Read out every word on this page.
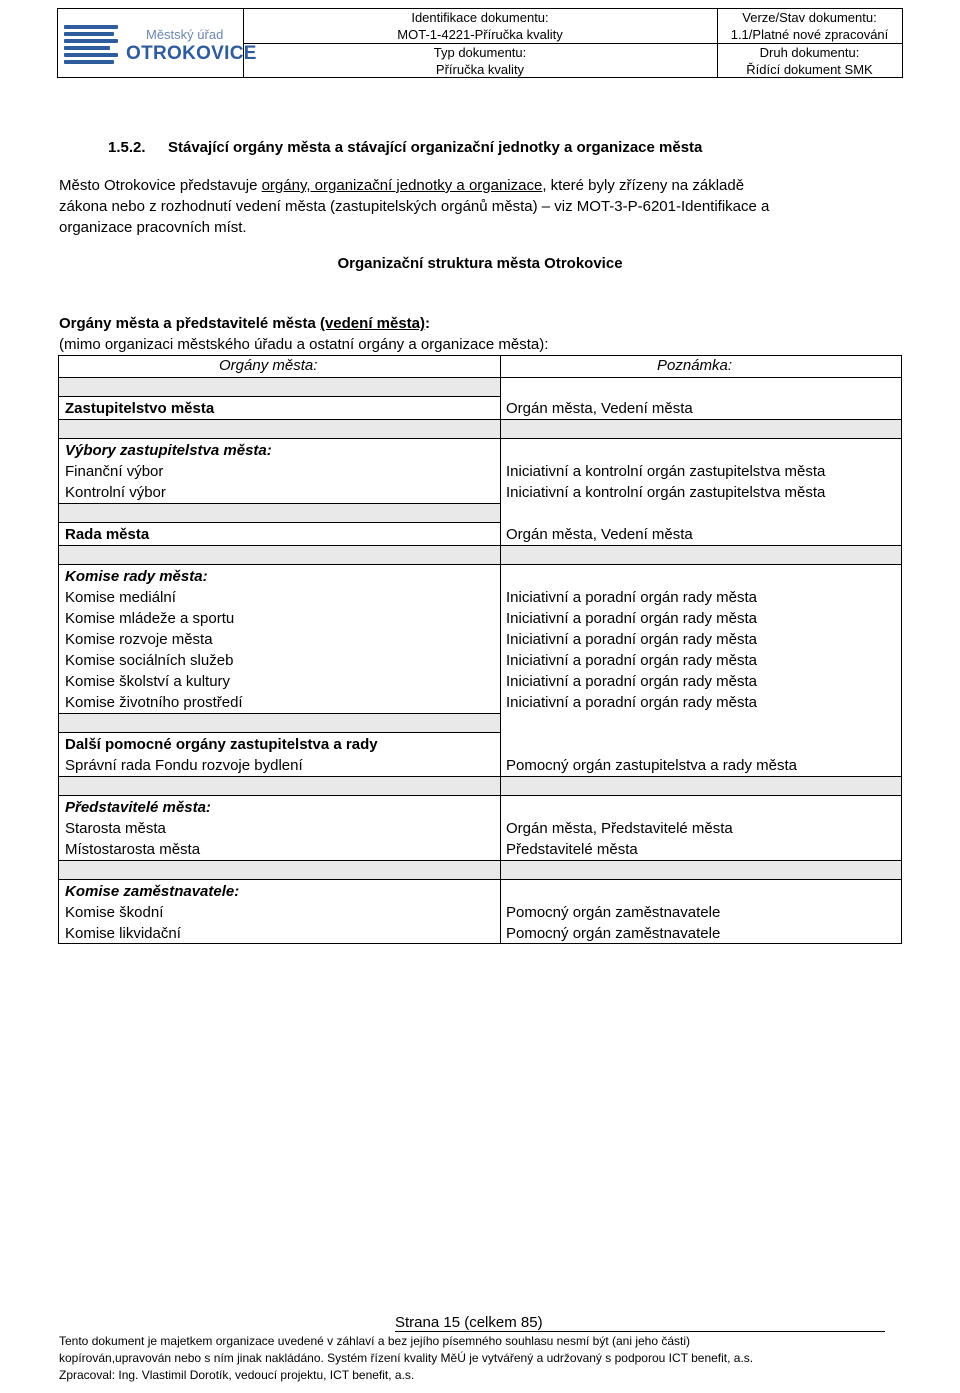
Městský úřad
OTROKOVICE
Identifikace dokumentu:
MOT-1-4221-Příručka kvality
Typ dokumentu:
Příručka kvality
Verze/Stav dokumentu:
1.1/Platné nové zpracování
Druh dokumentu:
Řídící dokument SMK
1.5.2. Stávající orgány města a stávající organizační jednotky a organizace města
Město Otrokovice představuje orgány, organizační jednotky a organizace, které byly zřízeny na základě
zákona nebo z rozhodnutí vedení města (zastupitelských orgánů města) – viz MOT-3-P-6201-Identifikace a
organizace pracovních míst.
Organizační struktura města Otrokovice
Orgány města a představitelé města (vedení města):
(mimo organizaci městského úřadu a ostatní orgány a organizace města):
Orgány města:	Poznámka:
Zastupitelstvo města	Orgán města, Vedení města
Výbory zastupitelstva města:
Finanční výbor	Iniciativní a kontrolní orgán zastupitelstva města
Kontrolní výbor	Iniciativní a kontrolní orgán zastupitelstva města
Rada města	Orgán města, Vedení města
Komise rady města:
Komise mediální	Iniciativní a poradní orgán rady města
Komise mládeže a sportu	Iniciativní a poradní orgán rady města
Komise rozvoje města	Iniciativní a poradní orgán rady města
Komise sociálních služeb	Iniciativní a poradní orgán rady města
Komise školství a kultury	Iniciativní a poradní orgán rady města
Komise životního prostředí	Iniciativní a poradní orgán rady města
Další pomocné orgány zastupitelstva a rady
Správní rada Fondu rozvoje bydlení	Pomocný orgán zastupitelstva a rady města
Představitelé města:
Starosta města	Orgán města, Představitelé města
Místostarosta města	Představitelé města
Komise zaměstnavatele:
Komise škodní	Pomocný orgán zaměstnavatele
Komise likvidační	Pomocný orgán zaměstnavatele
Strana 15 (celkem 85)
Tento dokument je majetkem organizace uvedené v záhlaví a bez jejího písemného souhlasu nesmí být (ani jeho části)
kopírován,upravován nebo s ním jinak nakládáno. Systém řízení kvality MěÚ je vytvářený a udržovaný s podporou ICT benefit, a.s.
Zpracoval: Ing. Vlastimil Dorotík, vedoucí projektu, ICT benefit, a.s.
